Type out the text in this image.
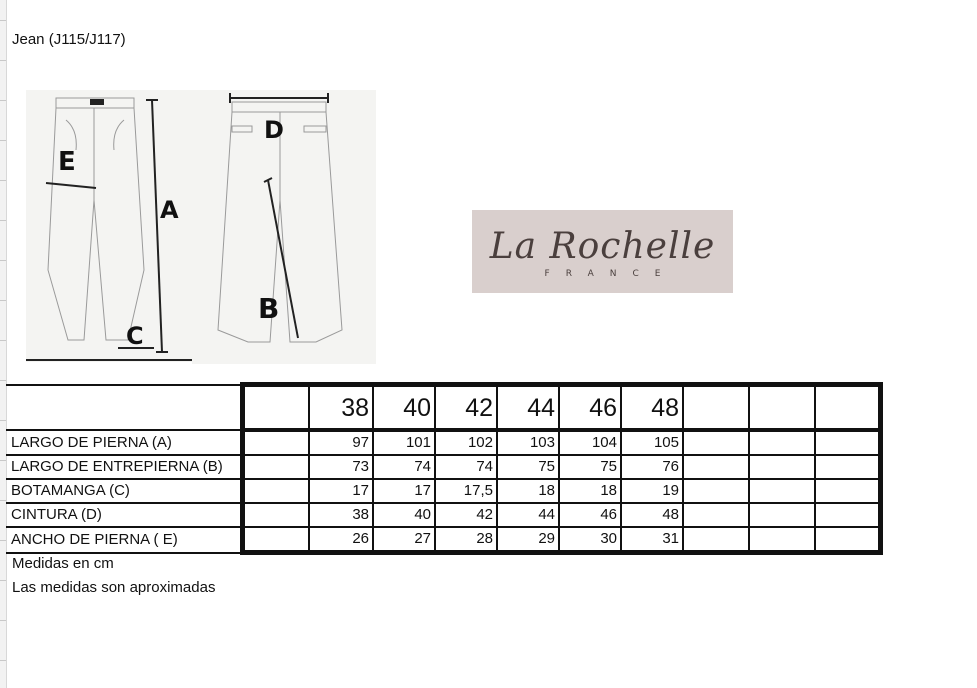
Jean (J115/J117)
E
A
C
D
B
La Rochelle
FRANCE
		38	40	42	44	46	48			
LARGO DE PIERNA (A)		97	101	102	103	104	105			
LARGO DE ENTREPIERNA (B)		73	74	74	75	75	76			
BOTAMANGA (C)		17	17	17,5	18	18	19			
CINTURA (D)		38	40	42	44	46	48			
ANCHO DE PIERNA ( E)		26	27	28	29	30	31			
Medidas en cm
Las medidas son aproximadas
